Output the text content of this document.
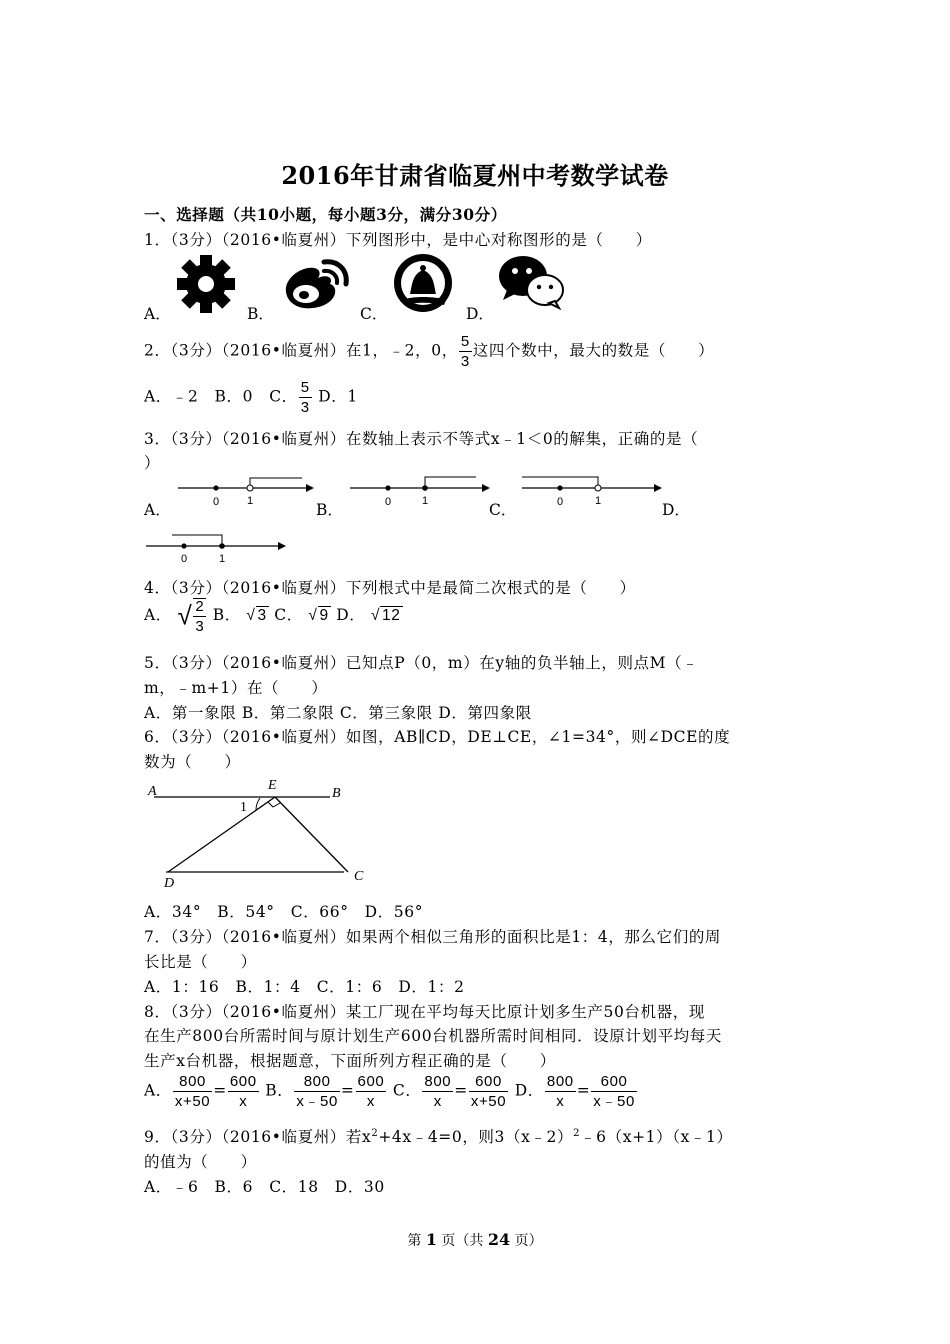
2016年甘肃省临夏州中考数学试卷
一、选择题（共10小题，每小题3分，满分30分）
1．（3分）（2016•临夏州）下列图形中，是中心对称图形的是（　　）
A．	B．	C．	D．
2．（3分）（2016•临夏州）在1，﹣2，0， $\frac{5}{3}$ 这四个数中，最大的数是（　　）
A．﹣2　B．0　C． $\frac{5}{3}$ D．1
3．（3分）（2016•临夏州）在数轴上表示不等式x﹣1＜0的解集，正确的是（
）
A．	B．	C．	D．
0	1	0	1	0	1
0	1
4．（3分）（2016•临夏州）下列根式中是最简二次根式的是（　　）
A． √ $\frac{2}{3}$ B． √ 3 C． √ 9 D． √ 12
5．（3分）（2016•临夏州）已知点P（0，m）在y轴的负半轴上，则点M（﹣
m，﹣m+1）在（　　）
A．第一象限 B．第二象限 C．第三象限 D．第四象限
6．（3分）（2016•临夏州）如图，AB∥CD，DE⊥CE，∠1=34°，则∠DCE的度
数为（　　）
A	B
E
1
D	C
A．34°　B．54°　C．66°　D．56°
7．（3分）（2016•临夏州）如果两个相似三角形的面积比是1：4，那么它们的周
长比是（　　）
A．1：16　B．1：4　C．1：6　D．1：2
8．（3分）（2016•临夏州）某工厂现在平均每天比原计划多生产50台机器，现
在生产800台所需时间与原计划生产600台机器所需时间相同．设原计划平均每天
生产x台机器，根据题意，下面所列方程正确的是（　　）
A． $\frac{800}{x+50} = \frac{600}{x}$ B． $\frac{800}{x﹣50} = \frac{600}{x}$ C． $\frac{800}{x} = \frac{600}{x+50}$ D． $\frac{800}{x} = \frac{600}{x﹣50}$
9．（3分）（2016•临夏州）若$x^2+4x﹣4=0$，则3（x﹣2）$^2$﹣6（x+1）（x﹣1）
的值为（　　）
A．﹣6　B．6　C．18　D．30
第 1 页（共 24 页）
